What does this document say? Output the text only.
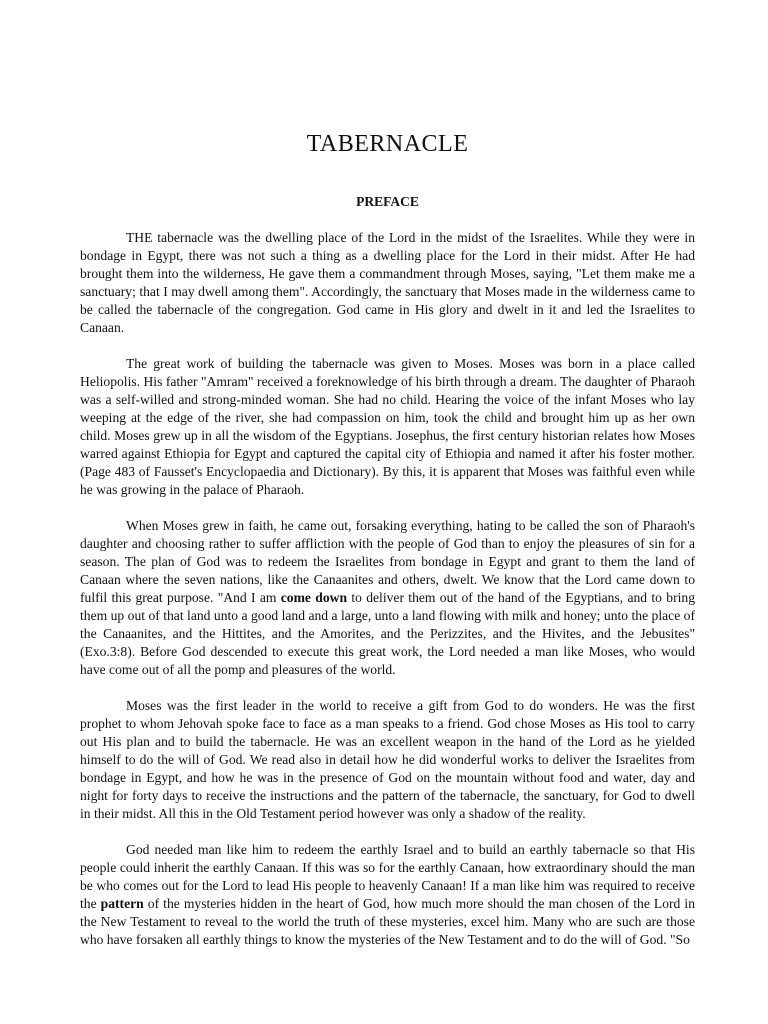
TABERNACLE
PREFACE

THE tabernacle was the dwelling place of the Lord in the midst of the Israelites. While they were in bondage in Egypt, there was not such a thing as a dwelling place for the Lord in their midst. After He had brought them into the wilderness, He gave them a commandment through Moses, saying, "Let them make me a sanctuary; that I may dwell among them". Accordingly, the sanctuary that Moses made in the wilderness came to be called the tabernacle of the congregation. God came in His glory and dwelt in it and led the Israelites to Canaan.

The great work of building the tabernacle was given to Moses. Moses was born in a place called Heliopolis. His father "Amram" received a foreknowledge of his birth through a dream. The daughter of Pharaoh was a self-willed and strong-minded woman. She had no child. Hearing the voice of the infant Moses who lay weeping at the edge of the river, she had compassion on him, took the child and brought him up as her own child. Moses grew up in all the wisdom of the Egyptians. Josephus, the first century historian relates how Moses warred against Ethiopia for Egypt and captured the capital city of Ethiopia and named it after his foster mother. (Page 483 of Fausset's Encyclopaedia and Dictionary). By this, it is apparent that Moses was faithful even while he was growing in the palace of Pharaoh.

When Moses grew in faith, he came out, forsaking everything, hating to be called the son of Pharaoh's daughter and choosing rather to suffer affliction with the people of God than to enjoy the pleasures of sin for a season. The plan of God was to redeem the Israelites from bondage in Egypt and grant to them the land of Canaan where the seven nations, like the Canaanites and others, dwelt. We know that the Lord came down to fulfil this great purpose. "And I am come down to deliver them out of the hand of the Egyptians, and to bring them up out of that land unto a good land and a large, unto a land flowing with milk and honey; unto the place of the Canaanites, and the Hittites, and the Amorites, and the Perizzites, and the Hivites, and the Jebusites" (Exo.3:8). Before God descended to execute this great work, the Lord needed a man like Moses, who would have come out of all the pomp and pleasures of the world.

Moses was the first leader in the world to receive a gift from God to do wonders. He was the first prophet to whom Jehovah spoke face to face as a man speaks to a friend. God chose Moses as His tool to carry out His plan and to build the tabernacle. He was an excellent weapon in the hand of the Lord as he yielded himself to do the will of God. We read also in detail how he did wonderful works to deliver the Israelites from bondage in Egypt, and how he was in the presence of God on the mountain without food and water, day and night for forty days to receive the instructions and the pattern of the tabernacle, the sanctuary, for God to dwell in their midst. All this in the Old Testament period however was only a shadow of the reality.

God needed man like him to redeem the earthly Israel and to build an earthly tabernacle so that His people could inherit the earthly Canaan. If this was so for the earthly Canaan, how extraordinary should the man be who comes out for the Lord to lead His people to heavenly Canaan! If a man like him was required to receive the pattern of the mysteries hidden in the heart of God, how much more should the man chosen of the Lord in the New Testament to reveal to the world the truth of these mysteries, excel him. Many who are such are those who have forsaken all earthly things to know the mysteries of the New Testament and to do the will of God. "So
